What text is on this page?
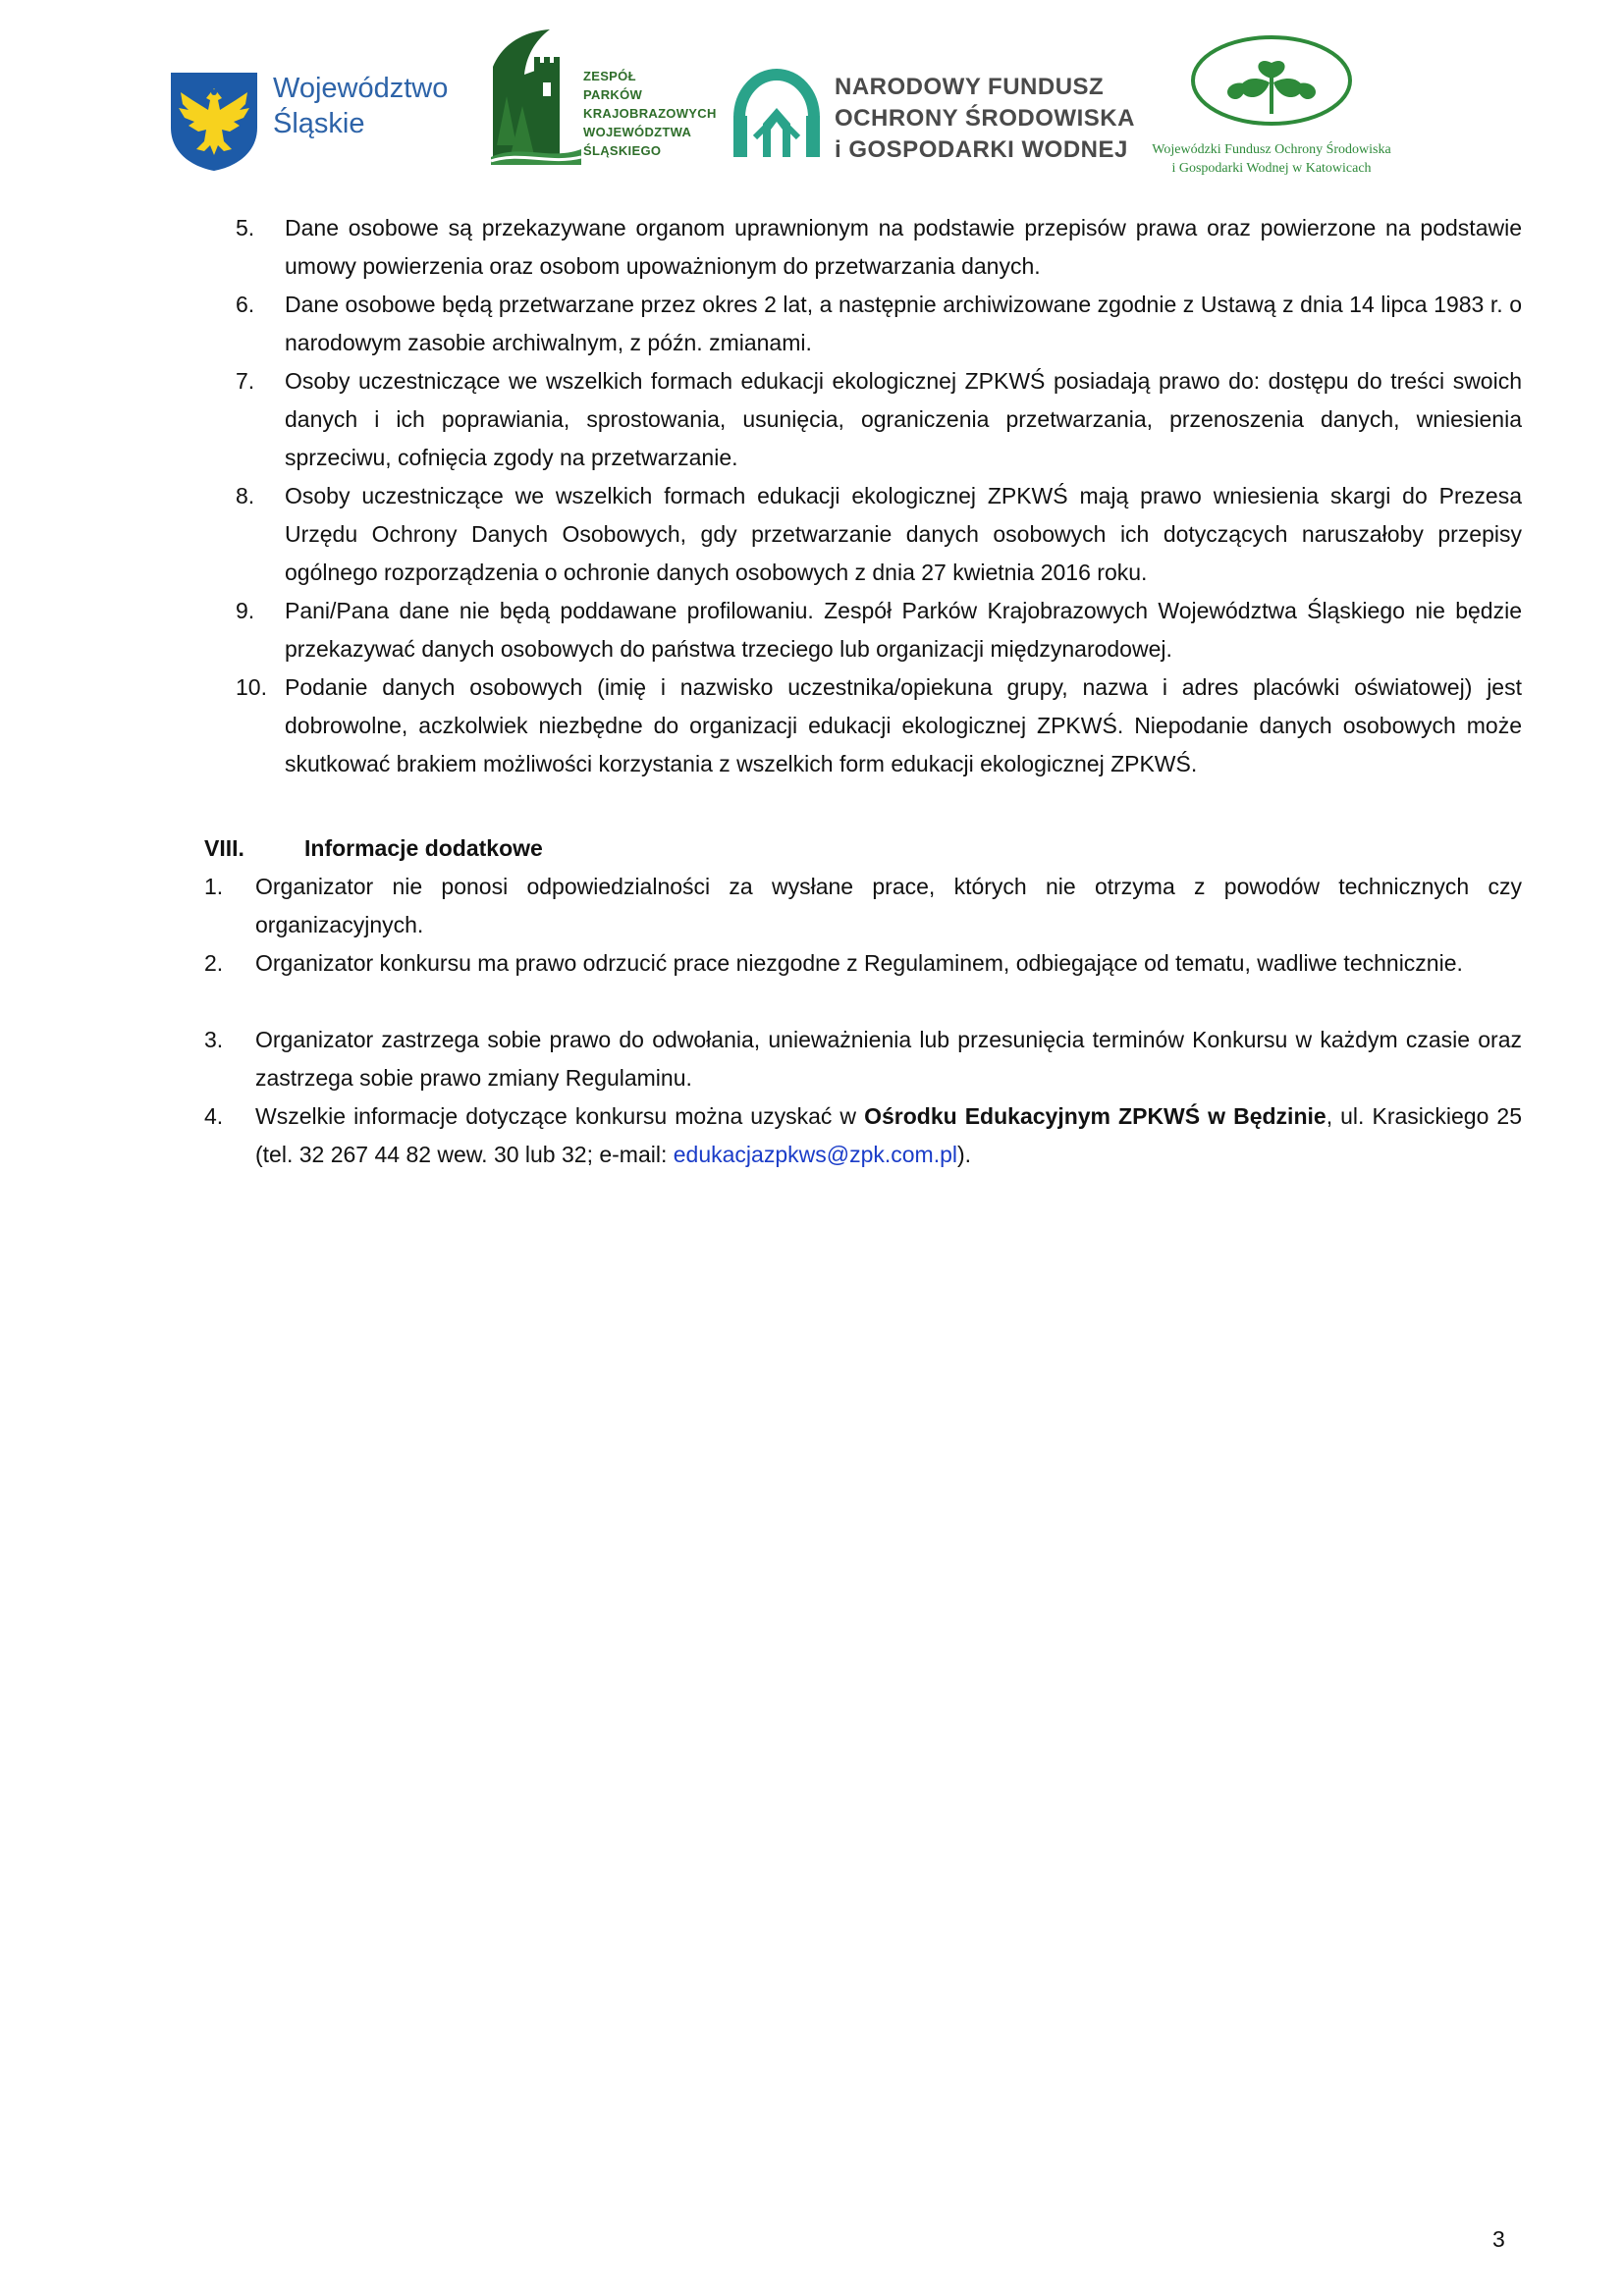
Województwo
Śląskie
ZESPÓŁ
PARKÓW
KRAJOBRAZOWYCH
WOJEWÓDZTWA
ŚLĄSKIEGO
NARODOWY FUNDUSZ
OCHRONY ŚRODOWISKA
i GOSPODARKI WODNEJ	Wojewódzki Fundusz Ochrony Środowiska
i Gospodarki Wodnej w Katowicach
5. Dane osobowe są przekazywane organom uprawnionym na podstawie przepisów prawa oraz powierzone na podstawie umowy powierzenia oraz osobom upoważnionym do przetwarzania danych.
6. Dane osobowe będą przetwarzane przez okres 2 lat, a następnie archiwizowane zgodnie z Ustawą z dnia 14 lipca 1983 r. o narodowym zasobie archiwalnym, z późn. zmianami.
7. Osoby uczestniczące we wszelkich formach edukacji ekologicznej ZPKWŚ posiadają prawo do: dostępu do treści swoich danych i ich poprawiania, sprostowania, usunięcia, ograniczenia przetwarzania, przenoszenia danych, wniesienia sprzeciwu, cofnięcia zgody na przetwarzanie.
8. Osoby uczestniczące we wszelkich formach edukacji ekologicznej ZPKWŚ mają prawo wniesienia skargi do Prezesa Urzędu Ochrony Danych Osobowych, gdy przetwarzanie danych osobowych ich dotyczących naruszałoby przepisy ogólnego rozporządzenia o ochronie danych osobowych z dnia 27 kwietnia 2016 roku.
9. Pani/Pana dane nie będą poddawane profilowaniu. Zespół Parków Krajobrazowych Województwa Śląskiego nie będzie przekazywać danych osobowych do państwa trzeciego lub organizacji międzynarodowej.
10. Podanie danych osobowych (imię i nazwisko uczestnika/opiekuna grupy, nazwa i adres placówki oświatowej) jest dobrowolne, aczkolwiek niezbędne do organizacji edukacji ekologicznej ZPKWŚ. Niepodanie danych osobowych może skutkować brakiem możliwości korzystania z wszelkich form edukacji ekologicznej ZPKWŚ.
VIII.	Informacje dodatkowe
1. Organizator nie ponosi odpowiedzialności za wysłane prace, których nie otrzyma z powodów technicznych czy organizacyjnych.
2. Organizator konkursu ma prawo odrzucić prace niezgodne z Regulaminem, odbiegające od tematu, wadliwe technicznie.
3. Organizator zastrzega sobie prawo do odwołania, unieważnienia lub przesunięcia terminów Konkursu w każdym czasie oraz zastrzega sobie prawo zmiany Regulaminu.
4. Wszelkie informacje dotyczące konkursu można uzyskać w Ośrodku Edukacyjnym ZPKWŚ w Będzinie, ul. Krasickiego 25 (tel. 32 267 44 82 wew. 30 lub 32; e-mail: edukacjazpkws@zpk.com.pl).
3
